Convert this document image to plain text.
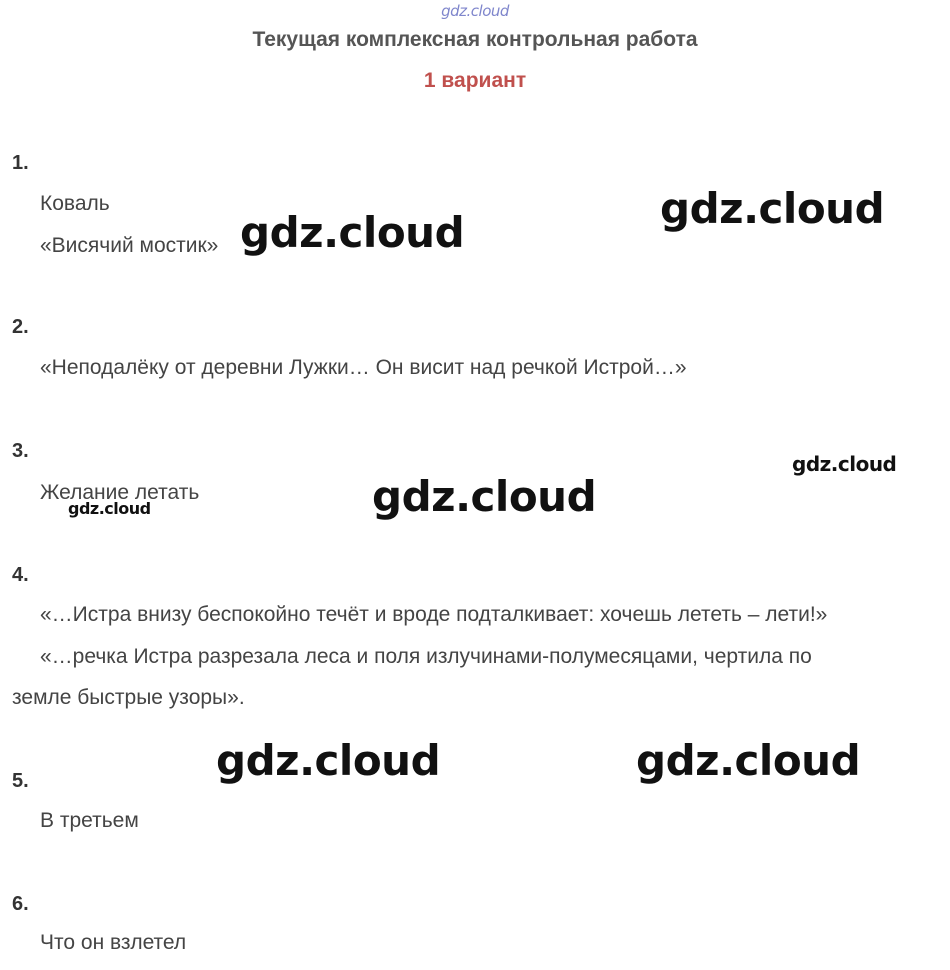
gdz.cloud
Текущая комплексная контрольная работа
1 вариант
1.
Коваль
«Висячий мостик»
2.
«Неподалёку от деревни Лужки… Он висит над речкой Истрой…»
3.
Желание летать
4.
«…Истра внизу беспокойно течёт и вроде подталкивает: хочешь лететь – лети!»
«…речка Истра разрезала леса и поля излучинами-полумесяцами, чертила по
земле быстрые узоры».
5.
В третьем
6.
Что он взлетел
gdz.cloud	gdz.cloud
gdz.cloud
gdz.cloud
gdz.cloud
gdz.cloud	gdz.cloud
